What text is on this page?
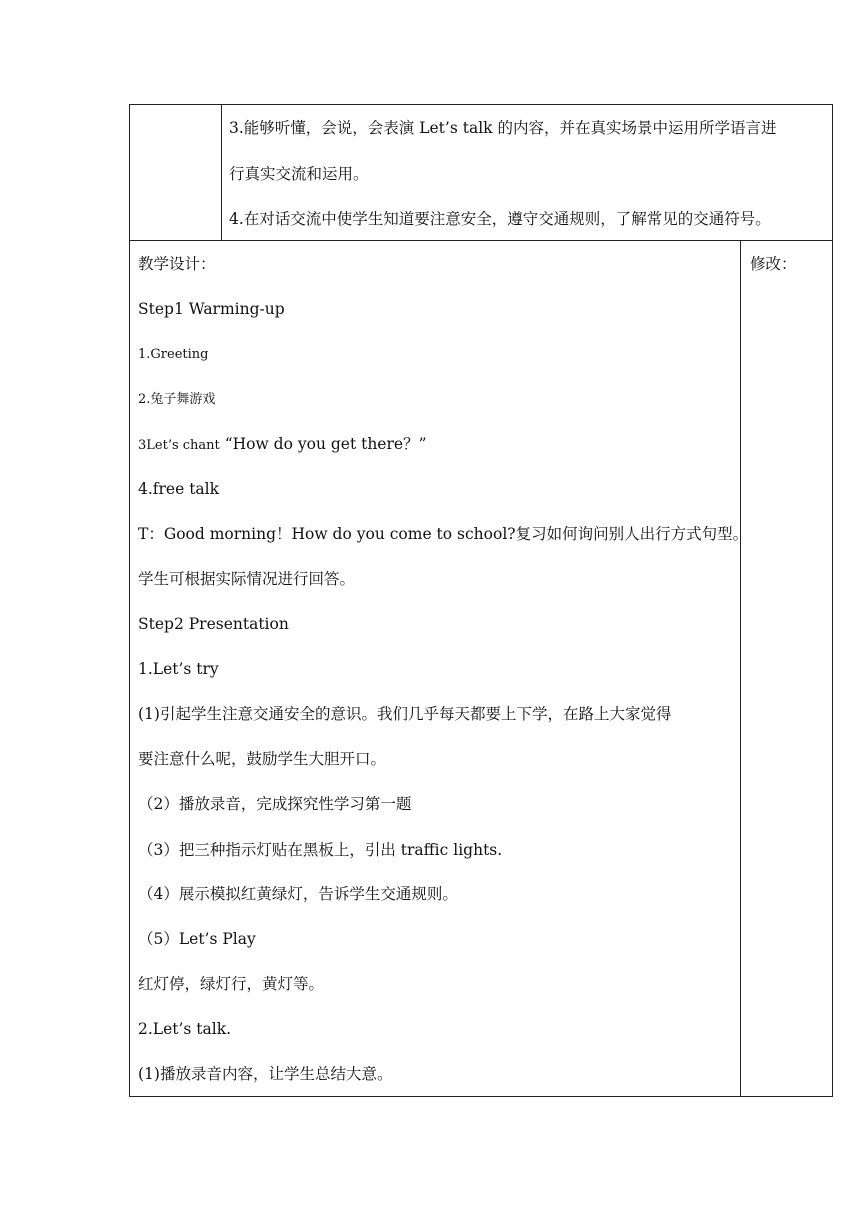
3.能够听懂，会说，会表演 Let’s talk 的内容，并在真实场景中运用所学语言进
行真实交流和运用。
4.在对话交流中使学生知道要注意安全，遵守交通规则，了解常见的交通符号。
教学设计：
Step1 Warming-up
1.Greeting
2.兔子舞游戏
3Let’s chant “How do you get there？”
4.free talk
T：Good morning！How do you come to school?复习如何询问别人出行方式句型。
学生可根据实际情况进行回答。
Step2 Presentation
1.Let’s try
(1)引起学生注意交通安全的意识。我们几乎每天都要上下学，在路上大家觉得
要注意什么呢，鼓励学生大胆开口。
（2）播放录音，完成探究性学习第一题
（3）把三种指示灯贴在黑板上，引出 traffic lights.
（4）展示模拟红黄绿灯，告诉学生交通规则。
（5）Let’s Play
红灯停，绿灯行，黄灯等。
2.Let’s talk.
(1)播放录音内容，让学生总结大意。
修改：
